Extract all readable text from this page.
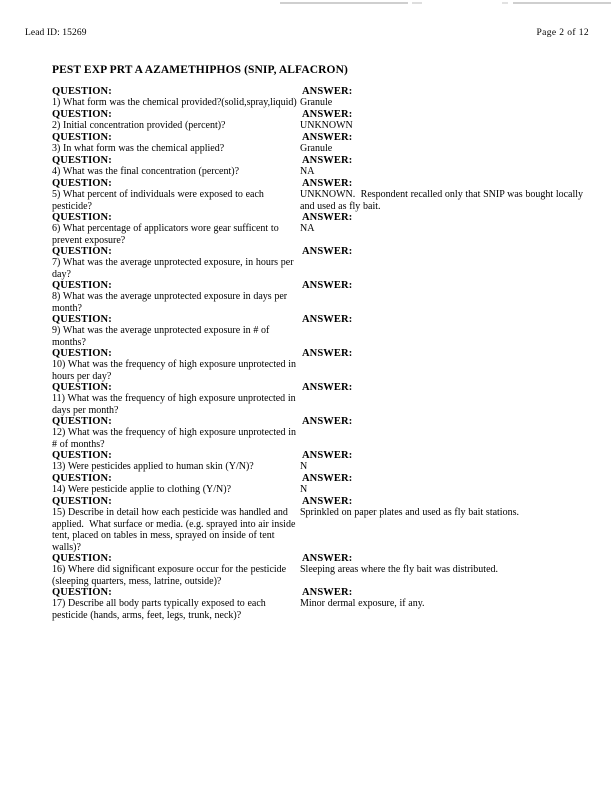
Lead ID: 15269	Page 2 of 12
PEST EXP PRT A AZAMETHIPHOS (SNIP, ALFACRON)
QUESTION:
1) What form was the chemical provided?(solid,spray,liquid)
ANSWER:
Granule
QUESTION:
2) Initial concentration provided (percent)?
ANSWER:
UNKNOWN
QUESTION:
3) In what form was the chemical applied?
ANSWER:
Granule
QUESTION:
4) What was the final concentration (percent)?
ANSWER:
NA
QUESTION:
5) What percent of individuals were exposed to each pesticide?
ANSWER:
UNKNOWN.  Respondent recalled only that SNIP was bought locally and used as fly bait.
QUESTION:
6) What percentage of applicators wore gear sufficent to prevent exposure?
ANSWER:
NA
QUESTION:
7) What was the average unprotected exposure, in hours per day?
ANSWER:
QUESTION:
8) What was the average unprotected exposure in days per month?
ANSWER:
QUESTION:
9) What was the average unprotected exposure in # of months?
ANSWER:
QUESTION:
10) What was the frequency of high exposure unprotected in hours per day?
ANSWER:
QUESTION:
11) What was the frequency of high exposure unprotected in days per month?
ANSWER:
QUESTION:
12) What was the frequency of high exposure unprotected in # of months?
ANSWER:
QUESTION:
13) Were pesticides applied to human skin (Y/N)?
ANSWER:
N
QUESTION:
14) Were pesticide applie to clothing (Y/N)?
ANSWER:
N
QUESTION:
15) Describe in detail how each pesticide was handled and applied.  What surface or media. (e.g. sprayed into air inside tent, placed on tables in mess, sprayed on inside of tent walls)?
ANSWER:
Sprinkled on paper plates and used as fly bait stations.
QUESTION:
16) Where did significant exposure occur for the pesticide (sleeping quarters, mess, latrine, outside)?
ANSWER:
Sleeping areas where the fly bait was distributed.
QUESTION:
17) Describe all body parts typically exposed to each pesticide (hands, arms, feet, legs, trunk, neck)?
ANSWER:
Minor dermal exposure, if any.
